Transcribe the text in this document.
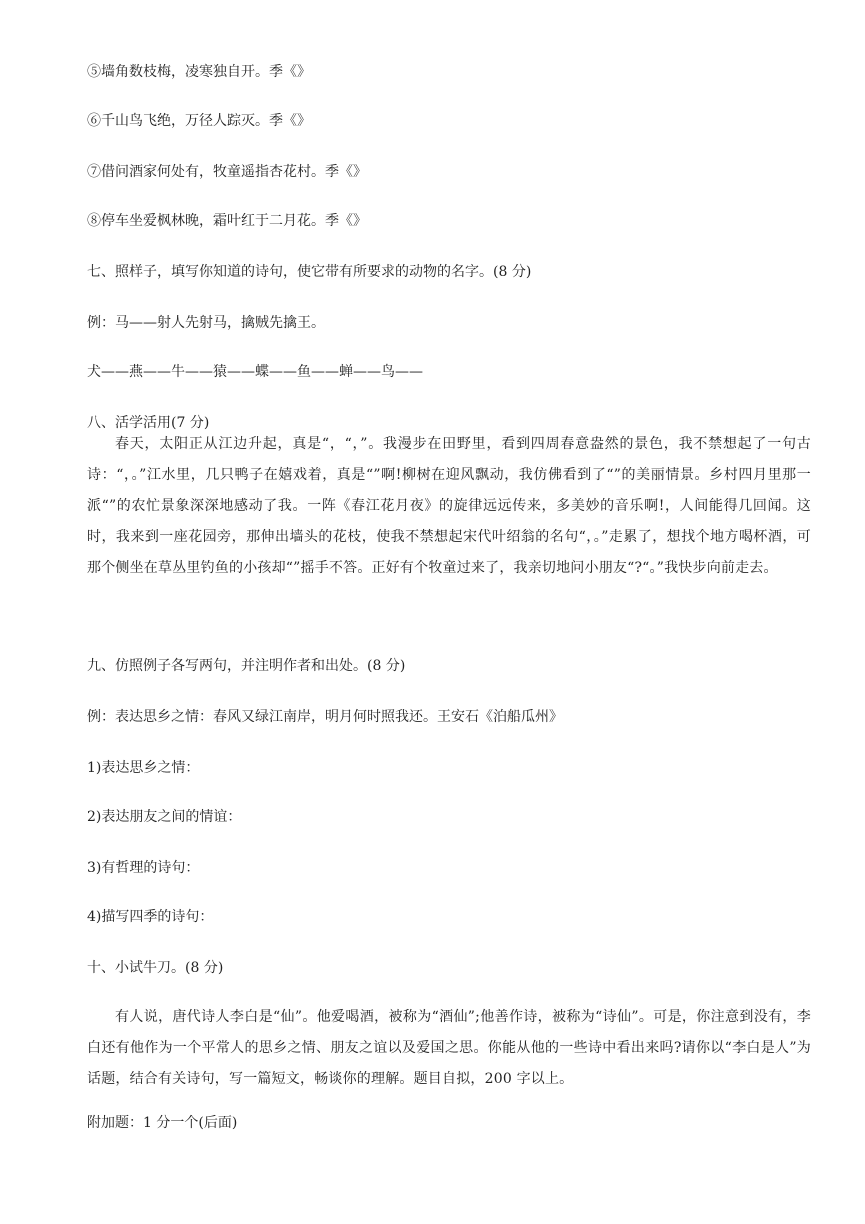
⑤墙角数枝梅，凌寒独自开。季《》
⑥千山鸟飞绝，万径人踪灭。季《》
⑦借问酒家何处有，牧童遥指杏花村。季《》
⑧停车坐爱枫林晚，霜叶红于二月花。季《》
七、照样子，填写你知道的诗句，使它带有所要求的动物的名字。(8 分)
例：马——射人先射马，擒贼先擒王。
犬——燕——牛——猿——蝶——鱼——蝉——鸟——
八、活学活用(7 分)
春天，太阳正从江边升起，真是“，“，”。我漫步在田野里，看到四周春意盎然的景色，我不禁想起了一句古诗：“，。”江水里，几只鸭子在嬉戏着，真是“”啊!柳树在迎风飘动，我仿佛看到了“”的美丽情景。乡村四月里那一派“”的农忙景象深深地感动了我。一阵《春江花月夜》的旋律远远传来，多美妙的音乐啊!，人间能得几回闻。这时，我来到一座花园旁，那伸出墙头的花枝，使我不禁想起宋代叶绍翁的名句“，。”走累了，想找个地方喝杯酒，可那个侧坐在草丛里钓鱼的小孩却“”摇手不答。正好有个牧童过来了，我亲切地问小朋友“?“。”我快步向前走去。
九、仿照例子各写两句，并注明作者和出处。(8 分)
例：表达思乡之情：春风又绿江南岸，明月何时照我还。王安石《泊船瓜州》
1)表达思乡之情：
2)表达朋友之间的情谊：
3)有哲理的诗句：
4)描写四季的诗句：
十、小试牛刀。(8 分)
有人说，唐代诗人李白是“仙”。他爱喝酒，被称为“酒仙”;他善作诗，被称为“诗仙”。可是，你注意到没有，李白还有他作为一个平常人的思乡之情、朋友之谊以及爱国之思。你能从他的一些诗中看出来吗?请你以“李白是人”为话题，结合有关诗句，写一篇短文，畅谈你的理解。题目自拟，200 字以上。
附加题：1 分一个(后面)
